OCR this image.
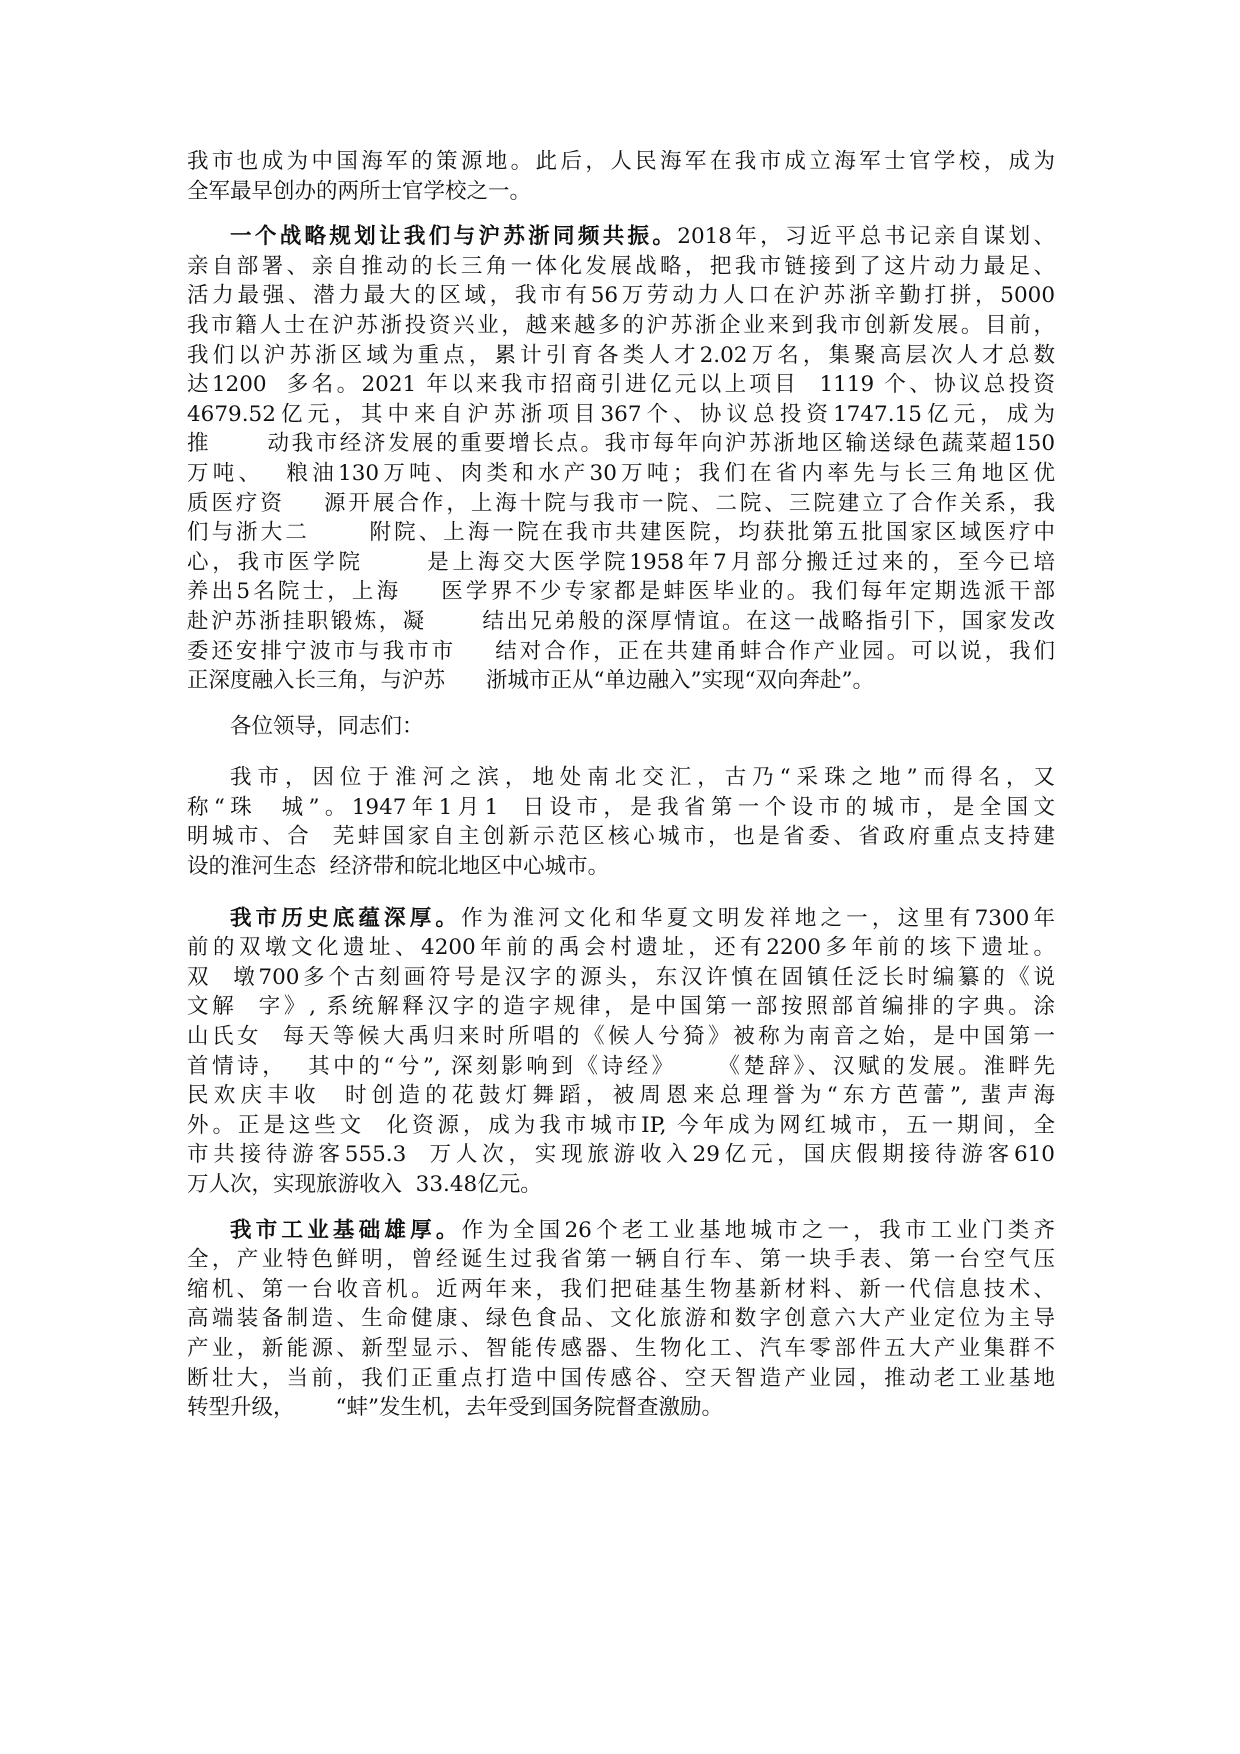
我市也成为中国海军的策源地。此后，人民海军在我市成立海军士官学校，成为
全军最早创办的两所士官学校之一。
一个战略规划让我们与沪苏浙同频共振。2018年，习近平总书记亲自谋划、
亲自部署、亲自推动的长三角一体化发展战略，把我市链接到了这片动力最足、
活力最强、潜力最大的区域，我市有56万劳动力人口在沪苏浙辛勤打拼，5000
我市籍人士在沪苏浙投资兴业，越来越多的沪苏浙企业来到我市创新发展。目前，
我们以沪苏浙区域为重点，累计引育各类人才2.02万名，集聚高层次人才总数
达1200  多名。2021 年以来我市招商引进亿元以上项目  1119 个、协议总投资
4679.52亿元，其中来自沪苏浙项目367个、协议总投资1747.15亿元，成为
推      动我市经济发展的重要增长点。我市每年向沪苏浙地区输送绿色蔬菜超150
万吨、  粮油130万吨、肉类和水产30万吨；我们在省内率先与长三角地区优
质医疗资    源开展合作，上海十院与我市一院、二院、三院建立了合作关系，我
们与浙大二      附院、上海一院在我市共建医院，均获批第五批国家区域医疗中
心，我市医学院      是上海交大医学院1958年7月部分搬迁过来的，至今已培
养出5名院士，上海    医学界不少专家都是蚌医毕业的。我们每年定期选派干部
赴沪苏浙挂职锻炼，凝      结出兄弟般的深厚情谊。在这一战略指引下，国家发改
委还安排宁波市与我市市    结对合作，正在共建甬蚌合作产业园。可以说，我们
正深度融入长三角，与沪苏      浙城市正从“单边融入”实现“双向奔赴”。
各位领导，同志们：
我市，因位于淮河之滨，地处南北交汇，古乃“采珠之地”而得名，又
称“珠  城”。1947年1月1  日设市，是我省第一个设市的城市，是全国文
明城市、合  芜蚌国家自主创新示范区核心城市，也是省委、省政府重点支持建
设的淮河生态  经济带和皖北地区中心城市。
我市历史底蕴深厚。作为淮河文化和华夏文明发祥地之一，这里有7300年
前的双墩文化遗址、4200年前的禹会村遗址，还有2200多年前的垓下遗址。
双  墩700多个古刻画符号是汉字的源头，东汉许慎在固镇任泛长时编纂的《说
文解  字》, 系统解释汉字的造字规律，是中国第一部按照部首编排的字典。涂
山氏女  每天等候大禹归来时所唱的《候人兮猗》被称为南音之始，是中国第一
首情诗，  其中的“兮”, 深刻影响到《诗经》    《楚辞》、汉赋的发展。淮畔先
民欢庆丰收  时创造的花鼓灯舞蹈，被周恩来总理誉为“东方芭蕾”, 蜚声海
外。正是这些文  化资源，成为我市城市IP, 今年成为网红城市，五一期间，全
市共接待游客555.3  万人次，实现旅游收入29亿元，国庆假期接待游客610
万人次，实现旅游收入  33.48亿元。
我市工业基础雄厚。作为全国26个老工业基地城市之一，我市工业门类齐
全，产业特色鲜明，曾经诞生过我省第一辆自行车、第一块手表、第一台空气压
缩机、第一台收音机。近两年来，我们把硅基生物基新材料、新一代信息技术、
高端装备制造、生命健康、绿色食品、文化旅游和数字创意六大产业定位为主导
产业，新能源、新型显示、智能传感器、生物化工、汽车零部件五大产业集群不
断壮大，当前，我们正重点打造中国传感谷、空天智造产业园，推动老工业基地
转型升级，      “蚌”发生机，去年受到国务院督查激励。
